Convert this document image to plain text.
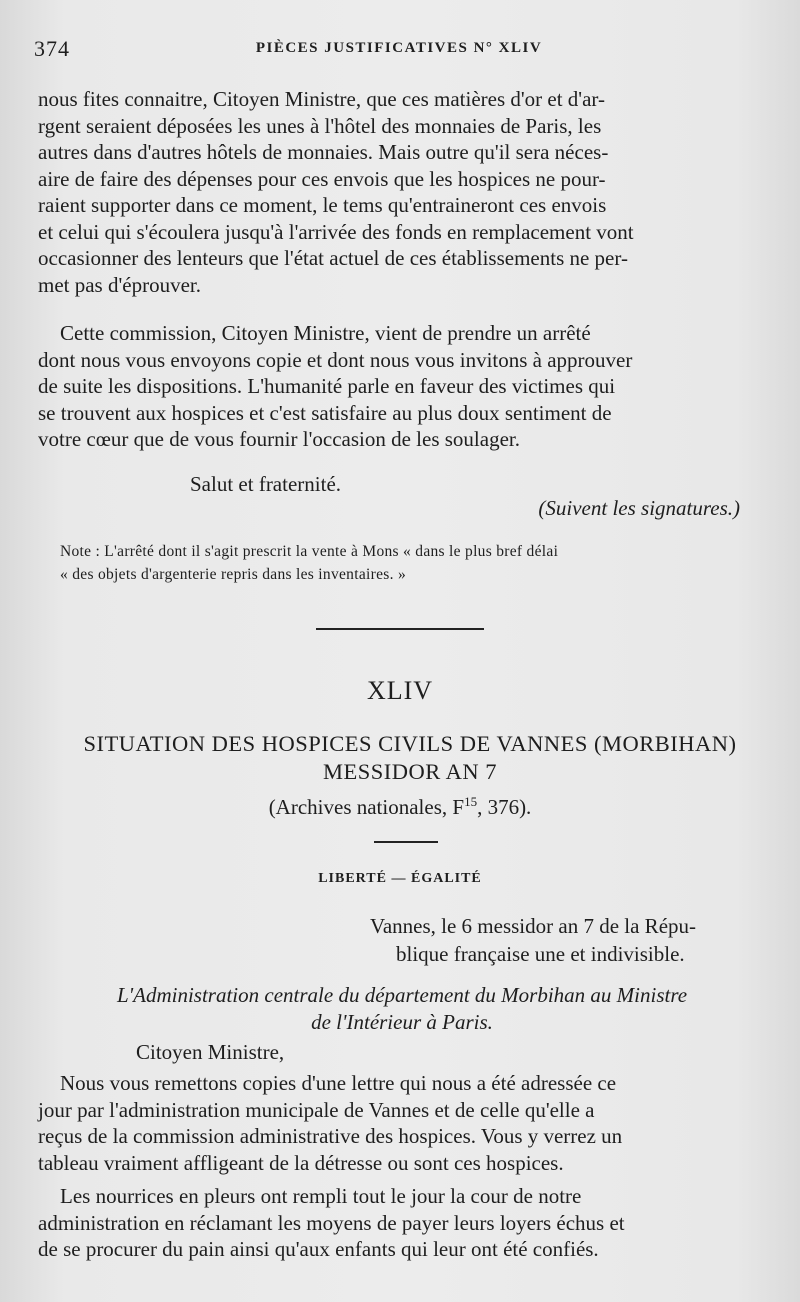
374	PIÈCES JUSTIFICATIVES N° XLIV

nous fites connaitre, Citoyen Ministre, que ces matières d'or et d'ar-

rgent seraient déposées les unes à l'hôtel des monnaies de Paris, les

autres dans d'autres hôtels de monnaies. Mais outre qu'il sera néces-

aire de faire des dépenses pour ces envois que les hospices ne pour-

raient supporter dans ce moment, le tems qu'entraineront ces envois

et celui qui s'écoulera jusqu'à l'arrivée des fonds en remplacement vont

occasionner des lenteurs que l'état actuel de ces établissements ne per-

met pas d'éprouver.

Cette commission, Citoyen Ministre, vient de prendre un arrêté

dont nous vous envoyons copie et dont nous vous invitons à approuver

de suite les dispositions. L'humanité parle en faveur des victimes qui

se trouvent aux hospices et c'est satisfaire au plus doux sentiment de

votre cœur que de vous fournir l'occasion de les soulager.

Salut et fraternité.
(Suivent les signatures.)
Note : L'arrêté dont il s'agit prescrit la vente à Mons « dans le plus bref délai
« des objets d'argenterie repris dans les inventaires. »
XLIV
SITUATION DES HOSPICES CIVILS DE VANNES (MORBIHAN)
MESSIDOR AN 7
(Archives nationales, $F^{15}$, 376).
LIBERTÉ — ÉGALITÉ
Vannes, le 6 messidor an 7 de la Répu-
blique française une et indivisible.
L'Administration centrale du département du Morbihan au Ministre
de l'Intérieur à Paris.
Citoyen Ministre,

Nous vous remettons copies d'une lettre qui nous a été adressée ce

jour par l'administration municipale de Vannes et de celle qu'elle a

reçus de la commission administrative des hospices. Vous y verrez un

tableau vraiment affligeant de la détresse ou sont ces hospices.

Les nourrices en pleurs ont rempli tout le jour la cour de notre

administration en réclamant les moyens de payer leurs loyers échus et

de se procurer du pain ainsi qu'aux enfants qui leur ont été confiés.
